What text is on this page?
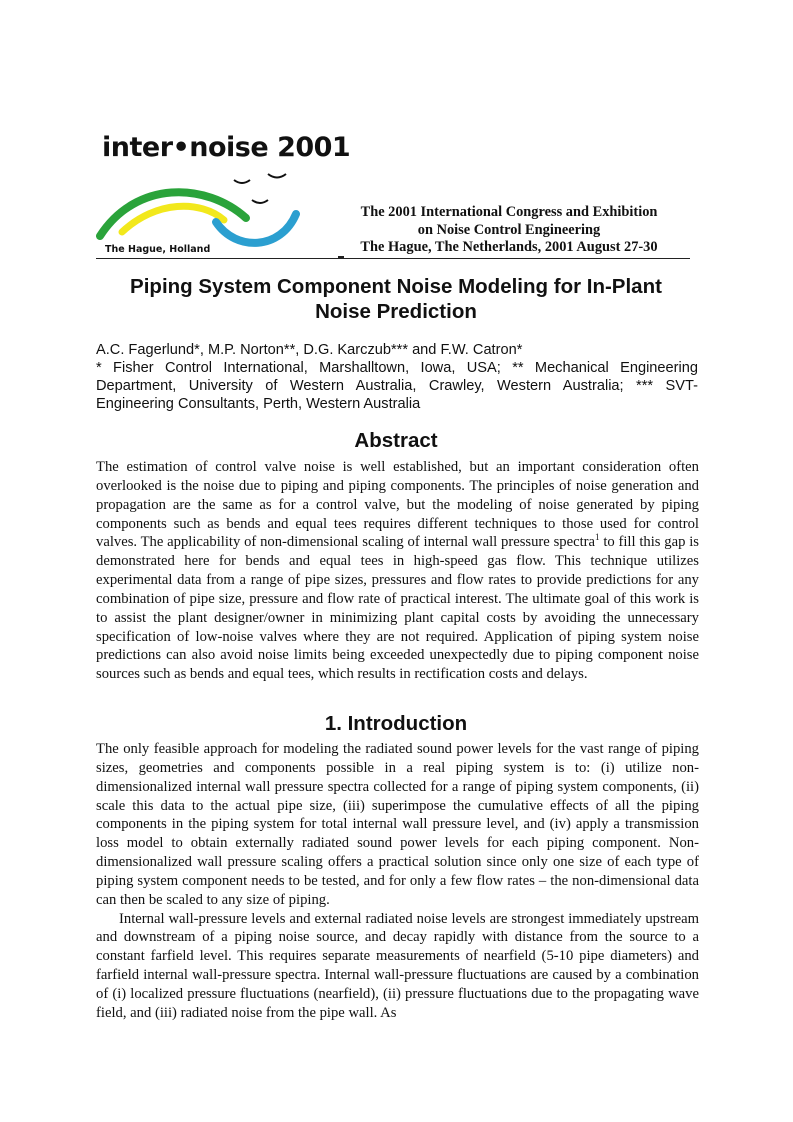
inter•noise 2001
The Hague, Holland
The 2001 International Congress and Exhibition
on Noise Control Engineering
The Hague, The Netherlands, 2001 August 27-30
Piping System Component Noise Modeling for In-Plant
Noise Prediction

A.C. Fagerlund*, M.P. Norton**, D.G. Karczub*** and F.W. Catron*

* Fisher Control International, Marshalltown, Iowa, USA; ** Mechanical Engineering Department, University of Western Australia, Crawley, Western Australia; *** SVT-Engineering Consultants, Perth, Western Australia

Abstract

The estimation of control valve noise is well established, but an important consideration often overlooked is the noise due to piping and piping components. The principles of noise generation and propagation are the same as for a control valve, but the modeling of noise generated by piping components such as bends and equal tees requires different techniques to those used for control valves. The applicability of non-dimensional scaling of internal wall pressure spectra$^1$ to fill this gap is demonstrated here for bends and equal tees in high-speed gas flow. This technique utilizes experimental data from a range of pipe sizes, pressures and flow rates to provide predictions for any combination of pipe size, pressure and flow rate of practical interest. The ultimate goal of this work is to assist the plant designer/owner in minimizing plant capital costs by avoiding the unnecessary specification of low-noise valves where they are not required. Application of piping system noise predictions can also avoid noise limits being exceeded unexpectedly due to piping component noise sources such as bends and equal tees, which results in rectification costs and delays.

1. Introduction

The only feasible approach for modeling the radiated sound power levels for the vast range of piping sizes, geometries and components possible in a real piping system is to: (i) utilize non-dimensionalized internal wall pressure spectra collected for a range of piping system components, (ii) scale this data to the actual pipe size, (iii) superimpose the cumulative effects of all the piping components in the piping system for total internal wall pressure level, and (iv) apply a transmission loss model to obtain externally radiated sound power levels for each piping component. Non-dimensionalized wall pressure scaling offers a practical solution since only one size of each type of piping system component needs to be tested, and for only a few flow rates – the non-dimensional data can then be scaled to any size of piping.

Internal wall-pressure levels and external radiated noise levels are strongest immediately upstream and downstream of a piping noise source, and decay rapidly with distance from the source to a constant farfield level. This requires separate measurements of nearfield (5-10 pipe diameters) and farfield internal wall-pressure spectra. Internal wall-pressure fluctuations are caused by a combination of (i) localized pressure fluctuations (nearfield), (ii) pressure fluctuations due to the propagating wave field, and (iii) radiated noise from the pipe wall. As
